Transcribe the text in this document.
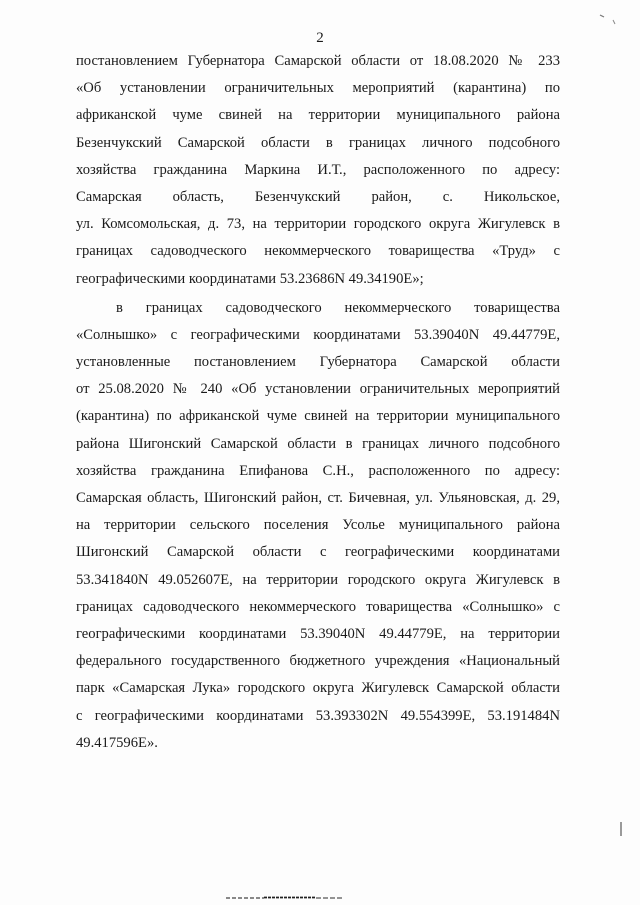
2
постановлением Губернатора Самарской области от 18.08.2020 № 233
«Об установлении ограничительных мероприятий (карантина) по
африканской чуме свиней на территории муниципального района
Безенчукский Самарской области в границах личного подсобного
хозяйства гражданина Маркина И.Т., расположенного по адресу:
Самарская область, Безенчукский район, с. Никольское,
ул. Комсомольская, д. 73, на территории городского округа Жигулевск в
границах садоводческого некоммерческого товарищества «Труд» с
географическими координатами 53.23686N 49.34190E»;
в границах садоводческого некоммерческого товарищества
«Солнышко» с географическими координатами 53.39040N 49.44779E,
установленные постановлением Губернатора Самарской области
от 25.08.2020 № 240 «Об установлении ограничительных мероприятий
(карантина) по африканской чуме свиней на территории муниципального
района Шигонский Самарской области в границах личного подсобного
хозяйства гражданина Епифанова С.Н., расположенного по адресу:
Самарская область, Шигонский район, ст. Бичевная, ул. Ульяновская, д. 29,
на территории сельского поселения Усолье муниципального района
Шигонский Самарской области с географическими координатами
53.341840N 49.052607E, на территории городского округа Жигулевск в
границах садоводческого некоммерческого товарищества «Солнышко» с
географическими координатами 53.39040N 49.44779E, на территории
федерального государственного бюджетного учреждения «Национальный
парк «Самарская Лука» городского округа Жигулевск Самарской области
с географическими координатами 53.393302N 49.554399E, 53.191484N
49.417596E».
